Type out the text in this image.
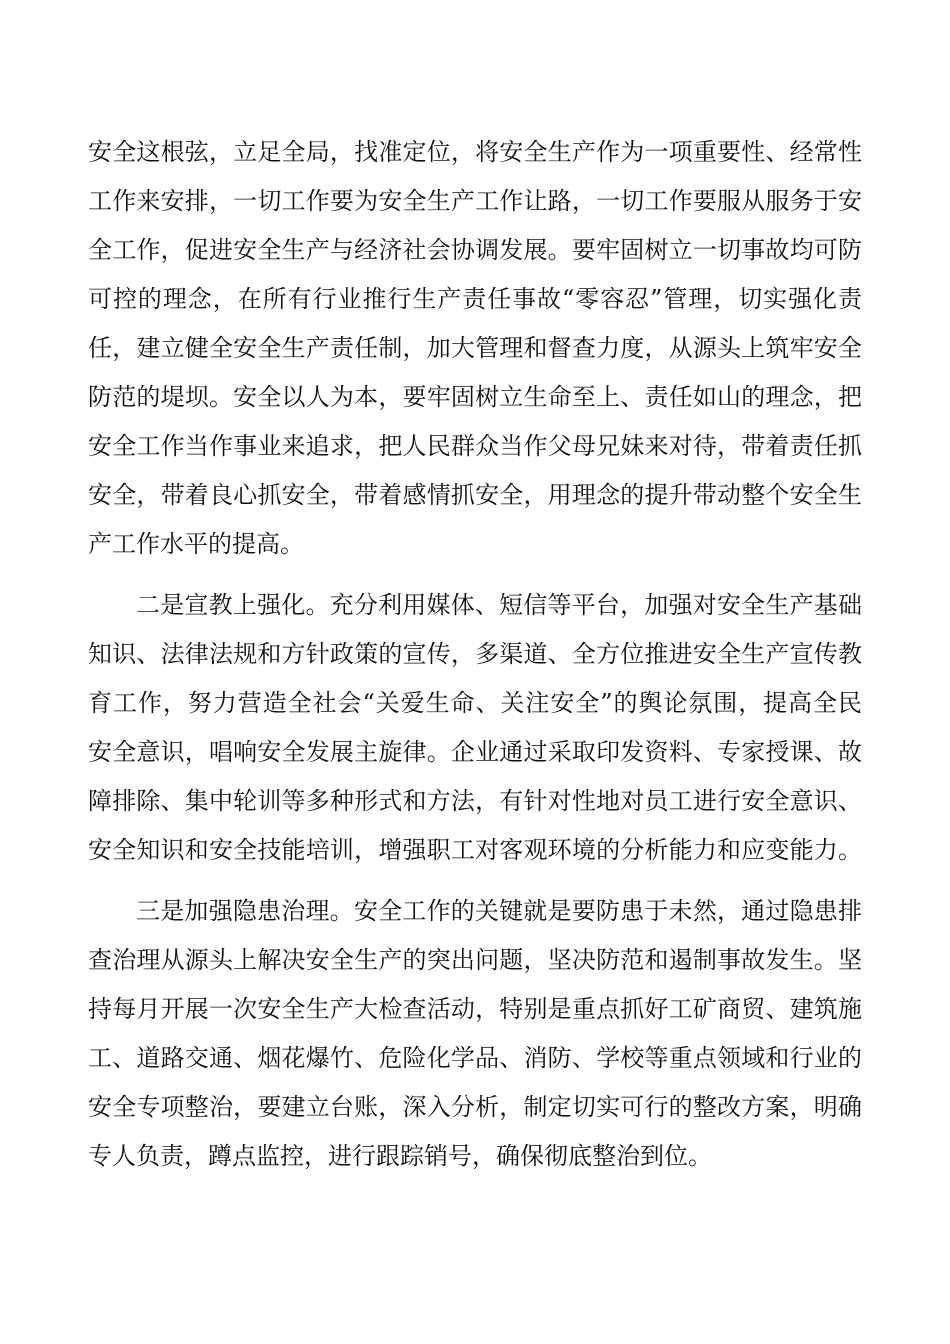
安全这根弦，立足全局，找准定位，将安全生产作为一项重要性、经常性
工作来安排，一切工作要为安全生产工作让路，一切工作要服从服务于安
全工作，促进安全生产与经济社会协调发展。要牢固树立一切事故均可防
可控的理念，在所有行业推行生产责任事故“零容忍”管理，切实强化责
任，建立健全安全生产责任制，加大管理和督查力度，从源头上筑牢安全
防范的堤坝。安全以人为本，要牢固树立生命至上、责任如山的理念，把
安全工作当作事业来追求，把人民群众当作父母兄妹来对待，带着责任抓
安全，带着良心抓安全，带着感情抓安全，用理念的提升带动整个安全生
产工作水平的提高。
二是宣教上强化。充分利用媒体、短信等平台，加强对安全生产基础
知识、法律法规和方针政策的宣传，多渠道、全方位推进安全生产宣传教
育工作，努力营造全社会“关爱生命、关注安全”的舆论氛围，提高全民
安全意识，唱响安全发展主旋律。企业通过采取印发资料、专家授课、故
障排除、集中轮训等多种形式和方法，有针对性地对员工进行安全意识、
安全知识和安全技能培训，增强职工对客观环境的分析能力和应变能力。
三是加强隐患治理。安全工作的关键就是要防患于未然，通过隐患排
查治理从源头上解决安全生产的突出问题，坚决防范和遏制事故发生。坚
持每月开展一次安全生产大检查活动，特别是重点抓好工矿商贸、建筑施
工、道路交通、烟花爆竹、危险化学品、消防、学校等重点领域和行业的
安全专项整治，要建立台账，深入分析，制定切实可行的整改方案，明确
专人负责，蹲点监控，进行跟踪销号，确保彻底整治到位。
